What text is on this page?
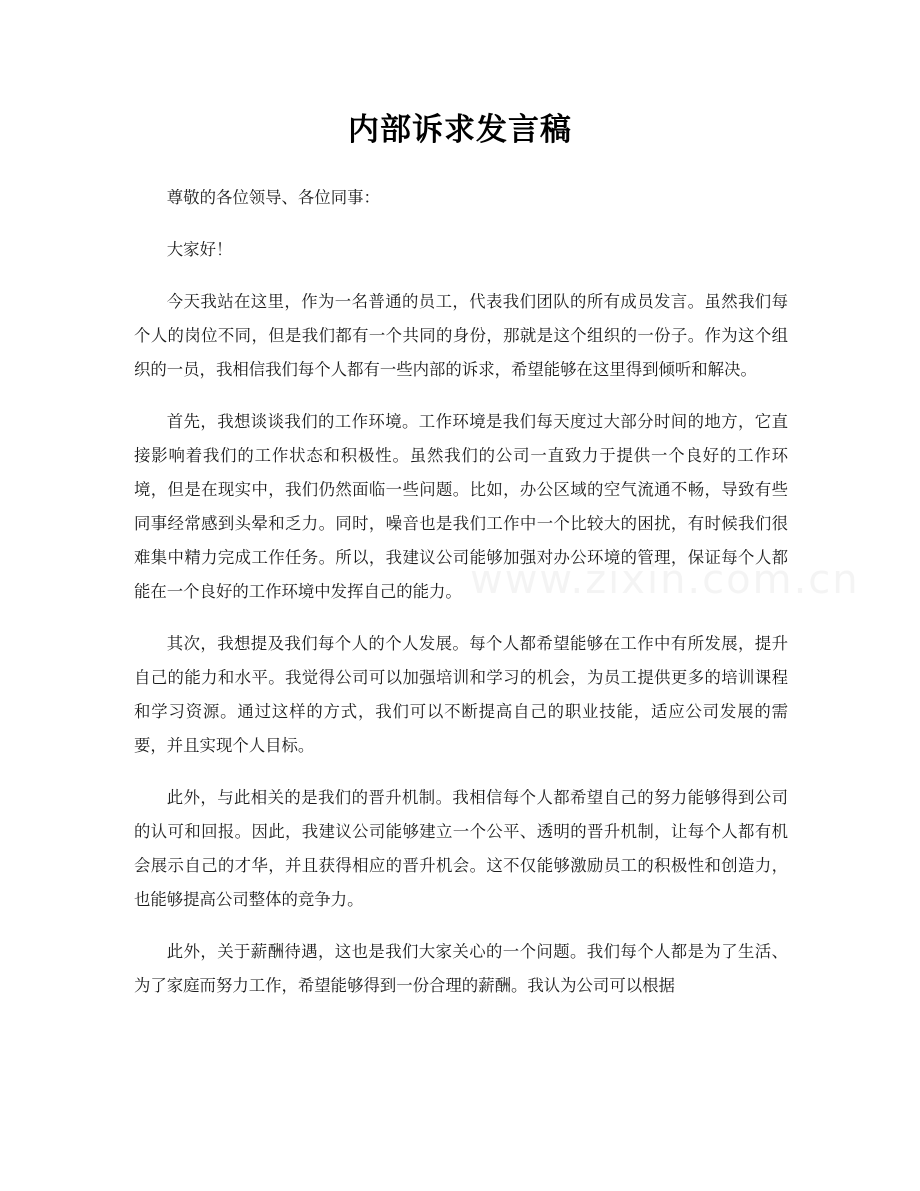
内部诉求发言稿

尊敬的各位领导、各位同事：

大家好！

今天我站在这里，作为一名普通的员工，代表我们团队的所有成员发言。虽然我们每个人的岗位不同，但是我们都有一个共同的身份，那就是这个组织的一份子。作为这个组织的一员，我相信我们每个人都有一些内部的诉求，希望能够在这里得到倾听和解决。

首先，我想谈谈我们的工作环境。工作环境是我们每天度过大部分时间的地方，它直接影响着我们的工作状态和积极性。虽然我们的公司一直致力于提供一个良好的工作环境，但是在现实中，我们仍然面临一些问题。比如，办公区域的空气流通不畅，导致有些同事经常感到头晕和乏力。同时，噪音也是我们工作中一个比较大的困扰，有时候我们很难集中精力完成工作任务。所以，我建议公司能够加强对办公环境的管理，保证每个人都能在一个良好的工作环境中发挥自己的能力。

其次，我想提及我们每个人的个人发展。每个人都希望能够在工作中有所发展，提升自己的能力和水平。我觉得公司可以加强培训和学习的机会，为员工提供更多的培训课程和学习资源。通过这样的方式，我们可以不断提高自己的职业技能，适应公司发展的需要，并且实现个人目标。

此外，与此相关的是我们的晋升机制。我相信每个人都希望自己的努力能够得到公司的认可和回报。因此，我建议公司能够建立一个公平、透明的晋升机制，让每个人都有机会展示自己的才华，并且获得相应的晋升机会。这不仅能够激励员工的积极性和创造力，也能够提高公司整体的竞争力。

此外，关于薪酬待遇，这也是我们大家关心的一个问题。我们每个人都是为了生活、为了家庭而努力工作，希望能够得到一份合理的薪酬。我认为公司可以根据

www.zixin.com.cn
